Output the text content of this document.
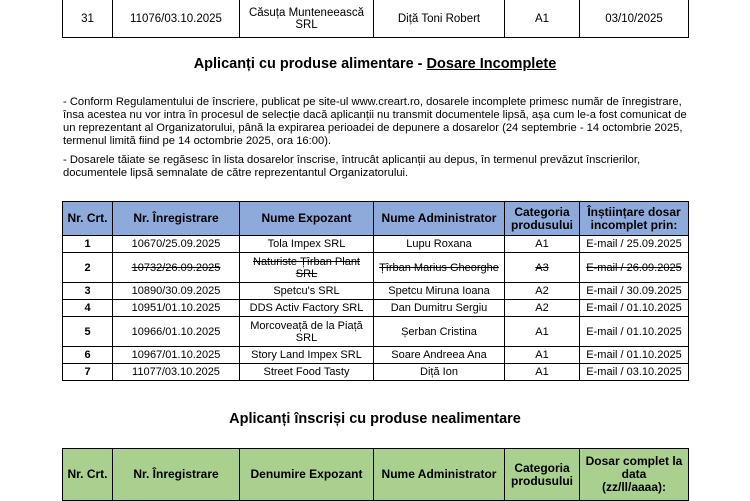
31	11076/03.10.2025	Căsuța Munteneească SRL	Diță Toni Robert	A1	03/10/2025
Aplicanți cu produse alimentare - Dosare Incomplete

- Conform Regulamentului de înscriere, publicat pe site-ul www.creart.ro, dosarele incomplete primesc număr de înregistrare, însa acestea nu vor intra în procesul de selecție dacă aplicanții nu transmit documentele lipsă, așa cum le-a fost comunicat de un reprezentant al Organizatorului, până la expirarea perioadei de depunere a dosarelor (24 septembrie - 14 octombrie 2025, termenul limită fiind pe 14 octombrie 2025, ora 16:00).

- Dosarele tăiate se regăsesc în lista dosarelor înscrise, întrucât aplicanții au depus, în termenul prevăzut înscrierilor, documentele lipsă semnalate de către reprezentantul Organizatorului.

Nr. Crt.	Nr. Înregistrare	Nume Expozant	Nume Administrator	Categoria produsului	Înștiințare dosar incomplet prin:
1	10670/25.09.2025	Tola Impex SRL	Lupu Roxana	A1	E-mail / 25.09.2025
2	10732/26.09.2025	Naturiste Țîrban Plant SRL	Țîrban Marius Gheorghe	A3	E-mail / 26.09.2025
3	10890/30.09.2025	Spetcu's SRL	Spetcu Miruna Ioana	A2	E-mail / 30.09.2025
4	10951/01.10.2025	DDS Activ Factory SRL	Dan Dumitru Sergiu	A2	E-mail / 01.10.2025
5	10966/01.10.2025	Morcoveață de la Piață SRL	Șerban Cristina	A1	E-mail / 01.10.2025
6	10967/01.10.2025	Story Land Impex SRL	Soare Andreea Ana	A1	E-mail / 01.10.2025
7	11077/03.10.2025	Street Food Tasty	Diță Ion	A1	E-mail / 03.10.2025
Aplicanți înscriși cu produse nealimentare
Nr. Crt.	Nr. Înregistrare	Denumire Expozant	Nume Administrator	Categoria produsului	Dosar complet la data
(zz/ll/aaaa):
